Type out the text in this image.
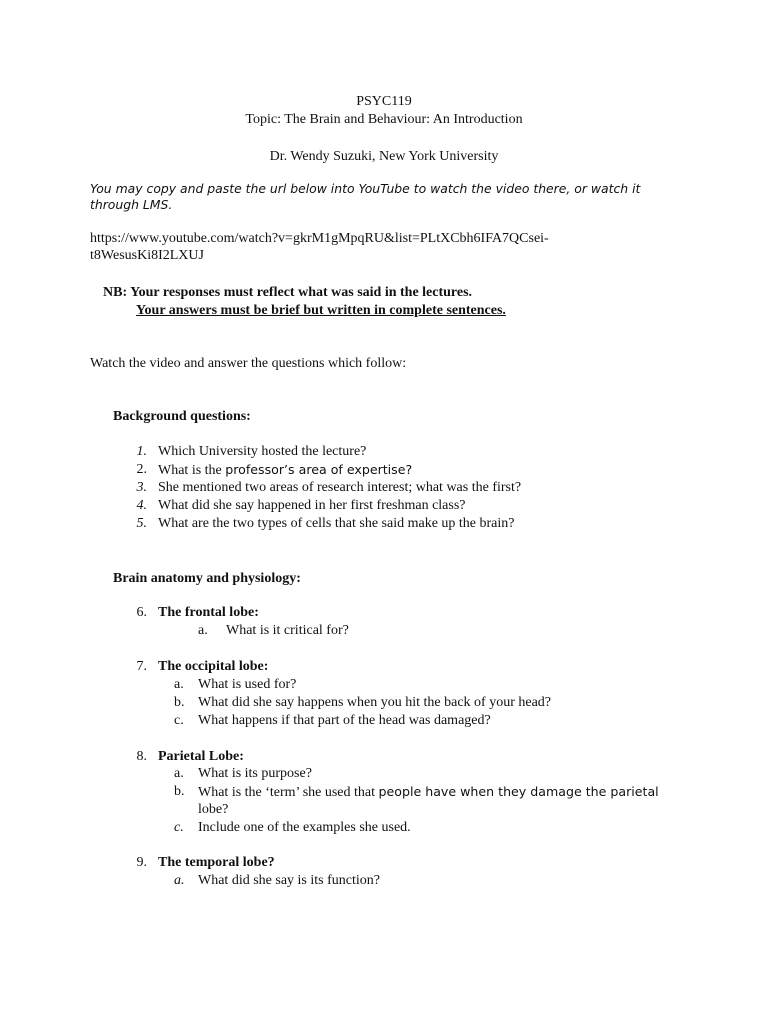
PSYC119
Topic: The Brain and Behaviour: An Introduction
Dr. Wendy Suzuki, New York University
You may copy and paste the url below into YouTube to watch the video there, or watch it
through LMS.
https://www.youtube.com/watch?v=gkrM1gMpqRU&list=PLtXCbh6IFA7QCsei-
t8WesusKi8I2LXUJ
NB: Your responses must reflect what was said in the lectures.
Your answers must be brief but written in complete sentences.
Watch the video and answer the questions which follow:
Background questions:
1. Which University hosted the lecture?
2. What is the professor’s area of expertise?
3. She mentioned two areas of research interest; what was the first?
4. What did she say happened in her first freshman class?
5. What are the two types of cells that she said make up the brain?
Brain anatomy and physiology:
6. The frontal lobe:
a. What is it critical for?
7. The occipital lobe:
a. What is used for?
b. What did she say happens when you hit the back of your head?
c. What happens if that part of the head was damaged?
8. Parietal Lobe:
a. What is its purpose?
b. What is the ‘term’ she used that people have when they damage the parietal
lobe?
c. Include one of the examples she used.
9. The temporal lobe?
a. What did she say is its function?
